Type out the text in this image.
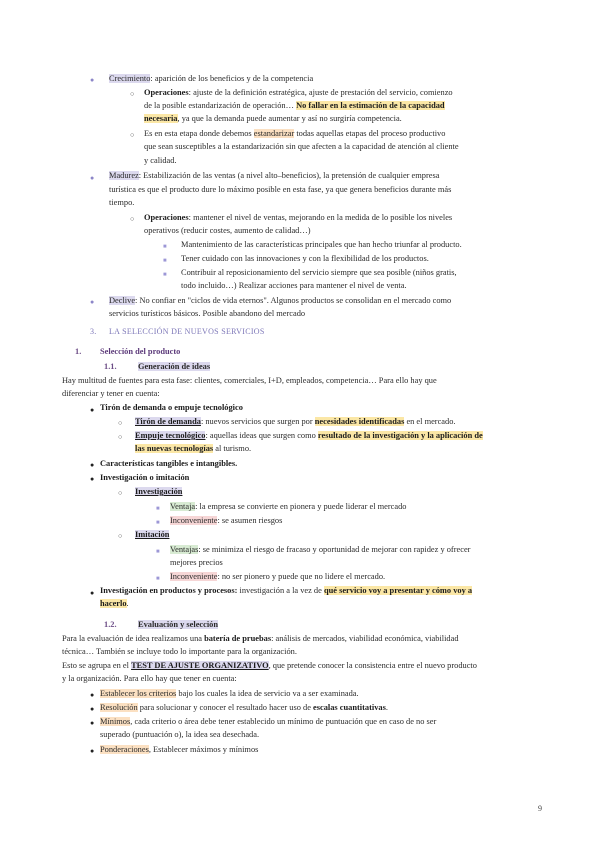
● Crecimiento: aparición de los beneficios y de la competencia
○ Operaciones: ajuste de la definición estratégica, ajuste de prestación del servicio, comienzo
de la posible estandarización de operación… No fallar en la estimación de la capacidad
necesaria, ya que la demanda puede aumentar y así no surgiría competencia.
○ Es en esta etapa donde debemos estandarizar todas aquellas etapas del proceso productivo
que sean susceptibles a la estandarización sin que afecten a la capacidad de atención al cliente
y calidad.
● Madurez: Estabilización de las ventas (a nivel alto–beneficios), la pretensión de cualquier empresa
turística es que el producto dure lo máximo posible en esta fase, ya que genera beneficios durante más
tiempo.
○ Operaciones: mantener el nivel de ventas, mejorando en la medida de lo posible los niveles
operativos (reducir costes, aumento de calidad…)
■ Mantenimiento de las características principales que han hecho triunfar al producto.
■ Tener cuidado con las innovaciones y con la flexibilidad de los productos.
■ Contribuir al reposicionamiento del servicio siempre que sea posible (niños gratis,
todo incluido…) Realizar acciones para mantener el nivel de venta.
● Declive: No confiar en "ciclos de vida eternos". Algunos productos se consolidan en el mercado como
servicios turísticos básicos. Posible abandono del mercado
3. LA SELECCIÓN DE NUEVOS SERVICIOS
1. Selección del producto
1.1.	Generación de ideas
Hay multitud de fuentes para esta fase: clientes, comerciales, I+D, empleados, competencia… Para ello hay que
diferenciar y tener en cuenta:
● Tirón de demanda o empuje tecnológico
○ Tirón de demanda: nuevos servicios que surgen por necesidades identificadas en el mercado.
○ Empuje tecnológico: aquellas ideas que surgen como resultado de la investigación y la aplicación de
las nuevas tecnologías al turismo.
● Características tangibles e intangibles.
● Investigación o imitación
○ Investigación
■ Ventaja: la empresa se convierte en pionera y puede liderar el mercado
■ Inconveniente: se asumen riesgos
○ Imitación
■ Ventajas: se minimiza el riesgo de fracaso y oportunidad de mejorar con rapidez y ofrecer
mejores precios
■ Inconveniente: no ser pionero y puede que no lidere el mercado.
● Investigación en productos y procesos: investigación a la vez de qué servicio voy a presentar y cómo voy a
hacerlo.
1.2.	Evaluación y selección
Para la evaluación de idea realizamos una batería de pruebas: análisis de mercados, viabilidad económica, viabilidad
técnica… También se incluye todo lo importante para la organización.
Esto se agrupa en el TEST DE AJUSTE ORGANIZATIVO, que pretende conocer la consistencia entre el nuevo producto
y la organización. Para ello hay que tener en cuenta:
● Establecer los criterios bajo los cuales la idea de servicio va a ser examinada.
● Resolución para solucionar y conocer el resultado hacer uso de escalas cuantitativas.
● Mínimos, cada criterio o área debe tener establecido un mínimo de puntuación que en caso de no ser
superado (puntuación o), la idea sea desechada.
● Ponderaciones, Establecer máximos y mínimos
9
